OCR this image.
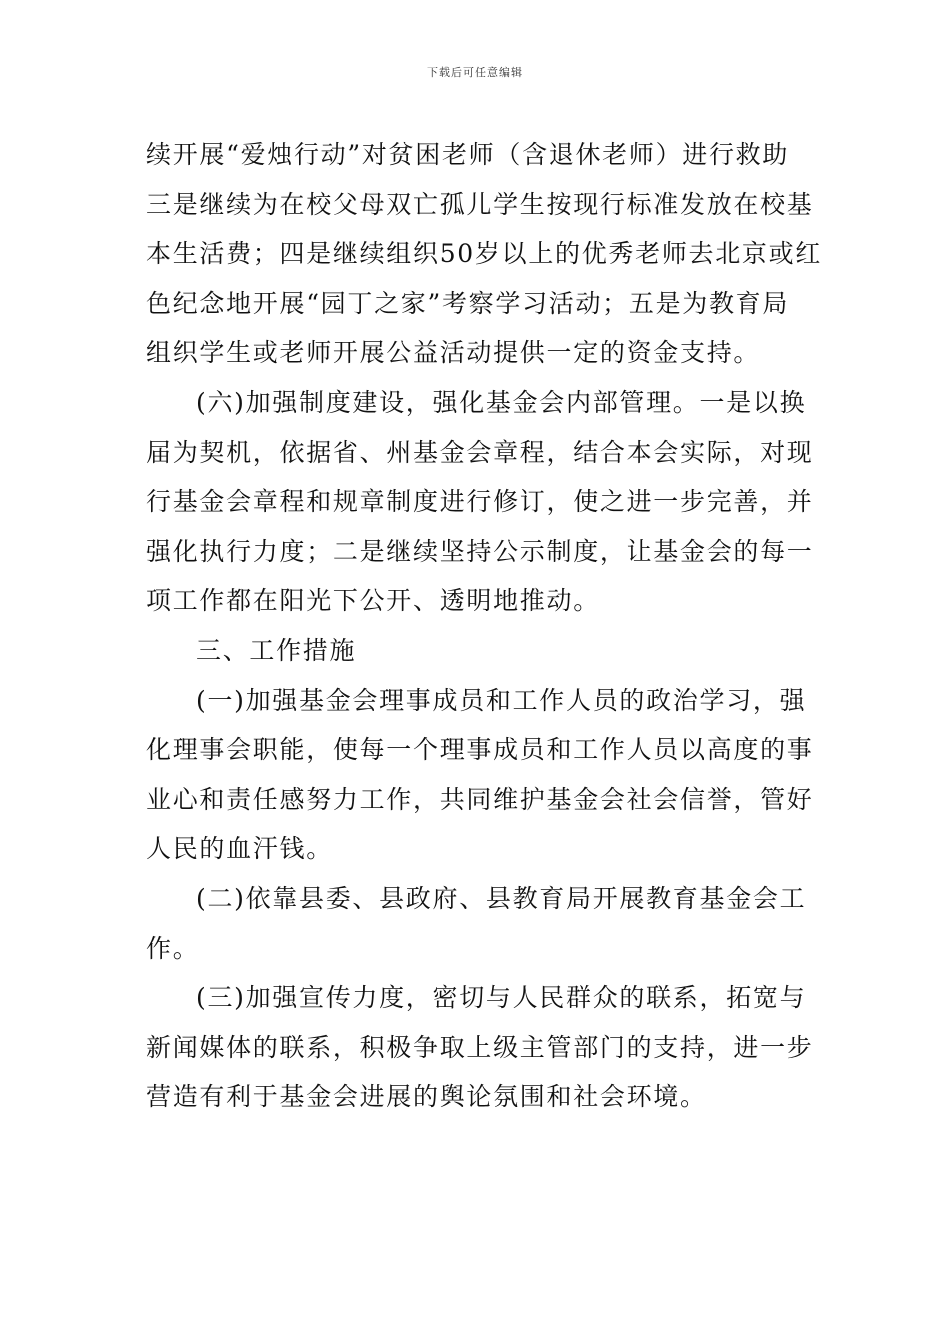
下载后可任意编辑
续开展“爱烛行动”对贫困老师（含退休老师）进行救助
三是继续为在校父母双亡孤儿学生按现行标准发放在校基
本生活费；四是继续组织50岁以上的优秀老师去北京或红
色纪念地开展“园丁之家”考察学习活动；五是为教育局
组织学生或老师开展公益活动提供一定的资金支持。
(六)加强制度建设，强化基金会内部管理。一是以换
届为契机，依据省、州基金会章程，结合本会实际，对现
行基金会章程和规章制度进行修订，使之进一步完善，并
强化执行力度；二是继续坚持公示制度，让基金会的每一
项工作都在阳光下公开、透明地推动。
三、工作措施
(一)加强基金会理事成员和工作人员的政治学习，强
化理事会职能，使每一个理事成员和工作人员以高度的事
业心和责任感努力工作，共同维护基金会社会信誉，管好
人民的血汗钱。
(二)依靠县委、县政府、县教育局开展教育基金会工
作。
(三)加强宣传力度，密切与人民群众的联系，拓宽与
新闻媒体的联系，积极争取上级主管部门的支持，进一步
营造有利于基金会进展的舆论氛围和社会环境。
